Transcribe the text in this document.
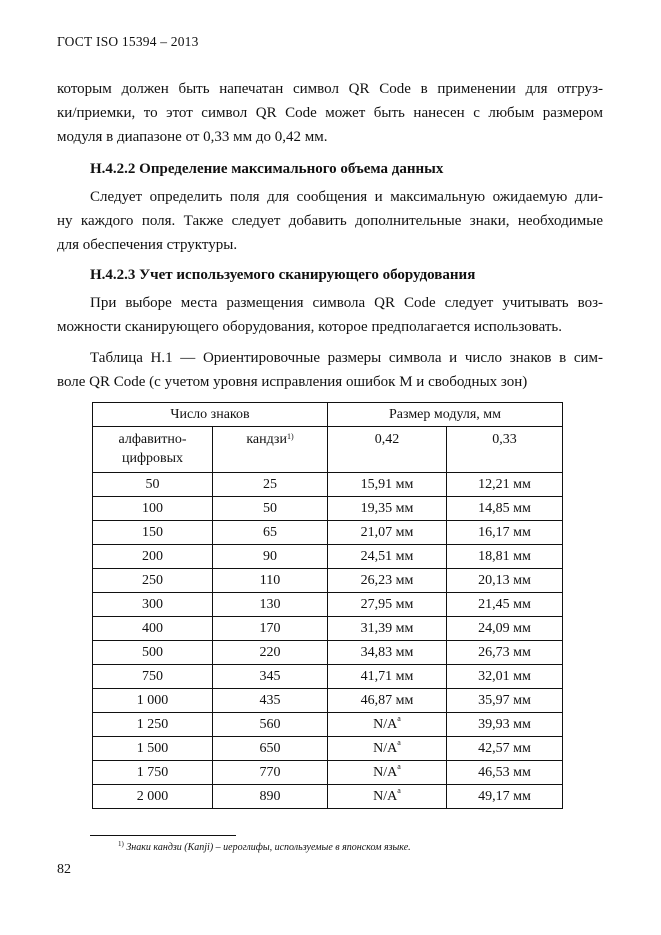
ГОСТ ISO 15394 – 2013
которым должен быть напечатан символ QR Code в применении для отгруз-
ки/приемки, то этот символ QR Code может быть нанесен с любым размером
модуля в диапазоне от 0,33 мм до 0,42 мм.
Н.4.2.2 Определение максимального объема данных
Следует определить поля для сообщения и максимальную ожидаемую дли-
ну каждого поля. Также следует добавить дополнительные знаки, необходимые
для обеспечения структуры.
Н.4.2.3 Учет используемого сканирующего оборудования
При выборе места размещения символа QR Code следует учитывать воз-
можности сканирующего оборудования, которое предполагается использовать.
Таблица Н.1 — Ориентировочные размеры символа и число знаков в сим-
воле QR Code (с учетом уровня исправления ошибок М и свободных зон)
Число знаков		Размер модуля, мм	
алфавитно-
цифровых	кандзи$^{1)}$	0,42	0,33
50	25	15,91 мм	12,21 мм
100	50	19,35 мм	14,85 мм
150	65	21,07 мм	16,17 мм
200	90	24,51 мм	18,81 мм
250	110	26,23 мм	20,13 мм
300	130	27,95 мм	21,45 мм
400	170	31,39 мм	24,09 мм
500	220	34,83 мм	26,73 мм
750	345	41,71 мм	32,01 мм
1 000	435	46,87 мм	35,97 мм
1 250	560	$N/A^a$	39,93 мм
1 500	650	$N/A^a$	42,57 мм
1 750	770	$N/A^a$	46,53 мм
2 000	890	$N/A^a$	49,17 мм
$^{1)}$ Знаки кандзи (Kanji) – иероглифы, используемые в японском языке.
82
